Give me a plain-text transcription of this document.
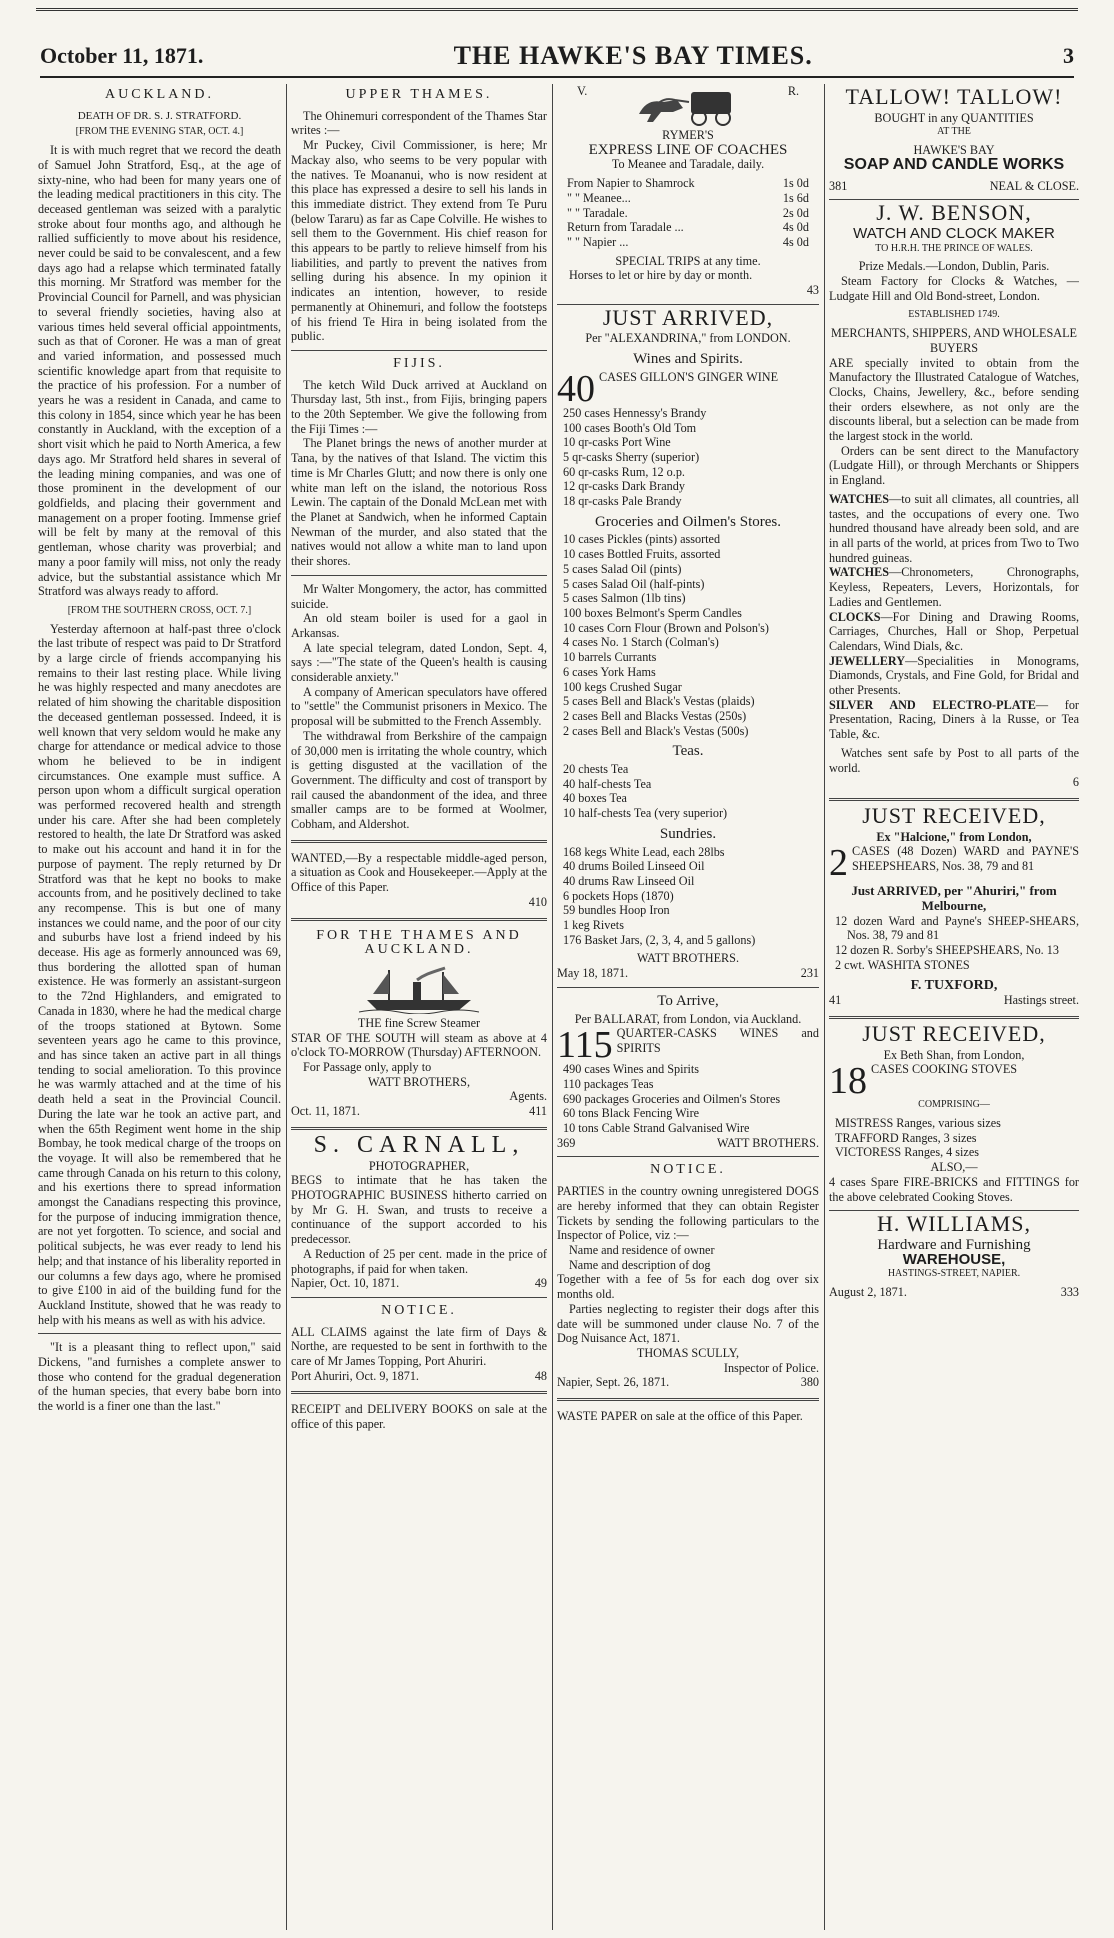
October 11, 1871.	THE HAWKE'S BAY TIMES.	3
AUCKLAND.
DEATH OF DR. S. J. STRATFORD.
[FROM THE EVENING STAR, OCT. 4.]

It is with much regret that we record the death of Samuel John Stratford, Esq., at the age of sixty-nine, who had been for many years one of the leading medical practitioners in this city. The deceased gentleman was seized with a paralytic stroke about four months ago, and although he rallied sufficiently to move about his residence, never could be said to be convalescent, and a few days ago had a relapse which terminated fatally this morning. Mr Stratford was member for the Provincial Council for Parnell, and was physician to several friendly societies, having also at various times held several official appointments, such as that of Coroner. He was a man of great and varied information, and possessed much scientific knowledge apart from that requisite to the practice of his profession. For a number of years he was a resident in Canada, and came to this colony in 1854, since which year he has been constantly in Auckland, with the exception of a short visit which he paid to North America, a few days ago. Mr Stratford held shares in several of the leading mining companies, and was one of those prominent in the development of our goldfields, and placing their government and management on a proper footing. Immense grief will be felt by many at the removal of this gentleman, whose charity was proverbial; and many a poor family will miss, not only the ready advice, but the substantial assistance which Mr Stratford was always ready to afford.

[FROM THE SOUTHERN CROSS, OCT. 7.]

Yesterday afternoon at half-past three o'clock the last tribute of respect was paid to Dr Stratford by a large circle of friends accompanying his remains to their last resting place. While living he was highly respected and many anecdotes are related of him showing the charitable disposition the deceased gentleman possessed. Indeed, it is well known that very seldom would he make any charge for attendance or medical advice to those whom he believed to be in indigent circumstances. One example must suffice. A person upon whom a difficult surgical operation was performed recovered health and strength under his care. After she had been completely restored to health, the late Dr Stratford was asked to make out his account and hand it in for the purpose of payment. The reply returned by Dr Stratford was that he kept no books to make accounts from, and he positively declined to take any recompense. This is but one of many instances we could name, and the poor of our city and suburbs have lost a friend indeed by his decease. His age as formerly announced was 69, thus bordering the allotted span of human existence. He was formerly an assistant-surgeon to the 72nd Highlanders, and emigrated to Canada in 1830, where he had the medical charge of the troops stationed at Bytown. Some seventeen years ago he came to this province, and has since taken an active part in all things tending to social amelioration. To this province he was warmly attached and at the time of his death held a seat in the Provincial Council. During the late war he took an active part, and when the 65th Regiment went home in the ship Bombay, he took medical charge of the troops on the voyage. It will also be remembered that he came through Canada on his return to this colony, and his exertions there to spread information amongst the Canadians respecting this province, for the purpose of inducing immigration thence, are not yet forgotten. To science, and social and political subjects, he was ever ready to lend his help; and that instance of his liberality reported in our columns a few days ago, where he promised to give £100 in aid of the building fund for the Auckland Institute, showed that he was ready to help with his means as well as with his advice.

"It is a pleasant thing to reflect upon," said Dickens, "and furnishes a complete answer to those who contend for the gradual degeneration of the human species, that every babe born into the world is a finer one than the last."

UPPER THAMES.

The Ohinemuri correspondent of the Thames Star writes :—

Mr Puckey, Civil Commissioner, is here; Mr Mackay also, who seems to be very popular with the natives. Te Moananui, who is now resident at this place has expressed a desire to sell his lands in this immediate district. They extend from Te Puru (below Tararu) as far as Cape Colville. He wishes to sell them to the Government. His chief reason for this appears to be partly to relieve himself from his liabilities, and partly to prevent the natives from selling during his absence. In my opinion it indicates an intention, however, to reside permanently at Ohinemuri, and follow the footsteps of his friend Te Hira in being isolated from the public.

FIJIS.

The ketch Wild Duck arrived at Auckland on Thursday last, 5th inst., from Fijis, bringing papers to the 20th September. We give the following from the Fiji Times :—

The Planet brings the news of another murder at Tana, by the natives of that Island. The victim this time is Mr Charles Glutt; and now there is only one white man left on the island, the notorious Ross Lewin. The captain of the Donald McLean met with the Planet at Sandwich, when he informed Captain Newman of the murder, and also stated that the natives would not allow a white man to land upon their shores.

Mr Walter Mongomery, the actor, has committed suicide.

An old steam boiler is used for a gaol in Arkansas.

A late special telegram, dated London, Sept. 4, says :—"The state of the Queen's health is causing considerable anxiety."

A company of American speculators have offered to "settle" the Communist prisoners in Mexico. The proposal will be submitted to the French Assembly.

The withdrawal from Berkshire of the campaign of 30,000 men is irritating the whole country, which is getting disgusted at the vacillation of the Government. The difficulty and cost of transport by rail caused the abandonment of the idea, and three smaller camps are to be formed at Woolmer, Cobham, and Aldershot.

WANTED,—By a respectable middle-aged person, a situation as Cook and Housekeeper.—Apply at the Office of this Paper.

410
FOR THE THAMES AND AUCKLAND.

THE fine Screw Steamer

STAR OF THE SOUTH will steam as above at 4 o'clock TO-MORROW (Thursday) AFTERNOON.

For Passage only, apply to

WATT BROTHERS,
Agents.
Oct. 11, 1871.	411
S. CARNALL,
PHOTOGRAPHER,

BEGS to intimate that he has taken the PHOTOGRAPHIC BUSINESS hitherto carried on by Mr G. H. Swan, and trusts to receive a continuance of the support accorded to his predecessor.

A Reduction of 25 per cent. made in the price of photographs, if paid for when taken.

Napier, Oct. 10, 1871.	49
NOTICE.

ALL CLAIMS against the late firm of Days & Northe, are requested to be sent in forthwith to the care of Mr James Topping, Port Ahuriri.

Port Ahuriri, Oct. 9, 1871.	48

RECEIPT and DELIVERY BOOKS on sale at the office of this paper.

V.	R.
RYMER'S
EXPRESS LINE OF COACHES
To Meanee and Taradale, daily.
From Napier to Shamrock	1s 0d
" " Meanee...	1s 6d
" " Taradale.	2s 0d
Return from Taradale ...	4s 0d
" " Napier ...	4s 0d
SPECIAL TRIPS at any time.

Horses to let or hire by day or month.

43
JUST ARRIVED,
Per "ALEXANDRINA," from LONDON.
Wines and Spirits.
40 CASES GILLON'S GINGER WINE
250 cases Hennessy's Brandy
100 cases Booth's Old Tom
10 qr-casks Port Wine
5 qr-casks Sherry (superior)
60 qr-casks Rum, 12 o.p.
12 qr-casks Dark Brandy
18 qr-casks Pale Brandy
Groceries and Oilmen's Stores.
10 cases Pickles (pints) assorted
10 cases Bottled Fruits, assorted
5 cases Salad Oil (pints)
5 cases Salad Oil (half-pints)
5 cases Salmon (1lb tins)
100 boxes Belmont's Sperm Candles
10 cases Corn Flour (Brown and Polson's)
4 cases No. 1 Starch (Colman's)
10 barrels Currants
6 cases York Hams
100 kegs Crushed Sugar
5 cases Bell and Black's Vestas (plaids)
2 cases Bell and Blacks Vestas (250s)
2 cases Bell and Black's Vestas (500s)
Teas.
20 chests Tea
40 half-chests Tea
40 boxes Tea
10 half-chests Tea (very superior)
Sundries.
168 kegs White Lead, each 28lbs
40 drums Boiled Linseed Oil
40 drums Raw Linseed Oil
6 pockets Hops (1870)
59 bundles Hoop Iron
1 keg Rivets
176 Basket Jars, (2, 3, 4, and 5 gallons)
WATT BROTHERS.
May 18, 1871.	231
To Arrive,
Per BALLARAT, from London, via Auckland.
115 QUARTER-CASKS WINES and SPIRITS
490 cases Wines and Spirits
110 packages Teas
690 packages Groceries and Oilmen's Stores
60 tons Black Fencing Wire
10 tons Cable Strand Galvanised Wire
369	WATT BROTHERS.
NOTICE.

PARTIES in the country owning unregistered DOGS are hereby informed that they can obtain Register Tickets by sending the following particulars to the Inspector of Police, viz :—

Name and residence of owner

Name and description of dog

Together with a fee of 5s for each dog over six months old.

Parties neglecting to register their dogs after this date will be summoned under clause No. 7 of the Dog Nuisance Act, 1871.

THOMAS SCULLY,
Inspector of Police.
Napier, Sept. 26, 1871.	380

WASTE PAPER on sale at the office of this Paper.

TALLOW! TALLOW!
BOUGHT in any QUANTITIES
AT THE
HAWKE'S BAY
SOAP AND CANDLE WORKS
381	NEAL & CLOSE.
J. W. BENSON,
WATCH AND CLOCK MAKER
TO H.R.H. THE PRINCE OF WALES.
Prize Medals.—London, Dublin, Paris.

Steam Factory for Clocks & Watches, —Ludgate Hill and Old Bond-street, London.

ESTABLISHED 1749.
MERCHANTS, SHIPPERS, AND WHOLESALE BUYERS

ARE specially invited to obtain from the Manufactory the Illustrated Catalogue of Watches, Clocks, Chains, Jewellery, &c., before sending their orders elsewhere, as not only are the discounts liberal, but a selection can be made from the largest stock in the world.

Orders can be sent direct to the Manufactory (Ludgate Hill), or through Merchants or Shippers in England.

WATCHES—to suit all climates, all countries, all tastes, and the occupations of every one. Two hundred thousand have already been sold, and are in all parts of the world, at prices from Two to Two hundred guineas.

WATCHES—Chronometers, Chronographs, Keyless, Repeaters, Levers, Horizontals, for Ladies and Gentlemen.

CLOCKS—For Dining and Drawing Rooms, Carriages, Churches, Hall or Shop, Perpetual Calendars, Wind Dials, &c.

JEWELLERY—Specialities in Monograms, Diamonds, Crystals, and Fine Gold, for Bridal and other Presents.

SILVER AND ELECTRO-PLATE— for Presentation, Racing, Diners à la Russe, or Tea Table, &c.

Watches sent safe by Post to all parts of the world.

6
JUST RECEIVED,
Ex "Halcione," from London,
2 CASES (48 Dozen) WARD and PAYNE'S SHEEPSHEARS, Nos. 38, 79 and 81
Just ARRIVED, per "Ahuriri," from Melbourne,
12 dozen Ward and Payne's SHEEP-SHEARS, Nos. 38, 79 and 81
12 dozen R. Sorby's SHEEPSHEARS, No. 13
2 cwt. WASHITA STONES
F. TUXFORD,
41	Hastings street.
JUST RECEIVED,
Ex Beth Shan, from London,
18 CASES COOKING STOVES
COMPRISING—
MISTRESS Ranges, various sizes
TRAFFORD Ranges, 3 sizes
VICTORESS Ranges, 4 sizes
ALSO,—

4 cases Spare FIRE-BRICKS and FITTINGS for the above celebrated Cooking Stoves.

H. WILLIAMS,
Hardware and Furnishing
WAREHOUSE,
HASTINGS-STREET, NAPIER.
August 2, 1871.	333
